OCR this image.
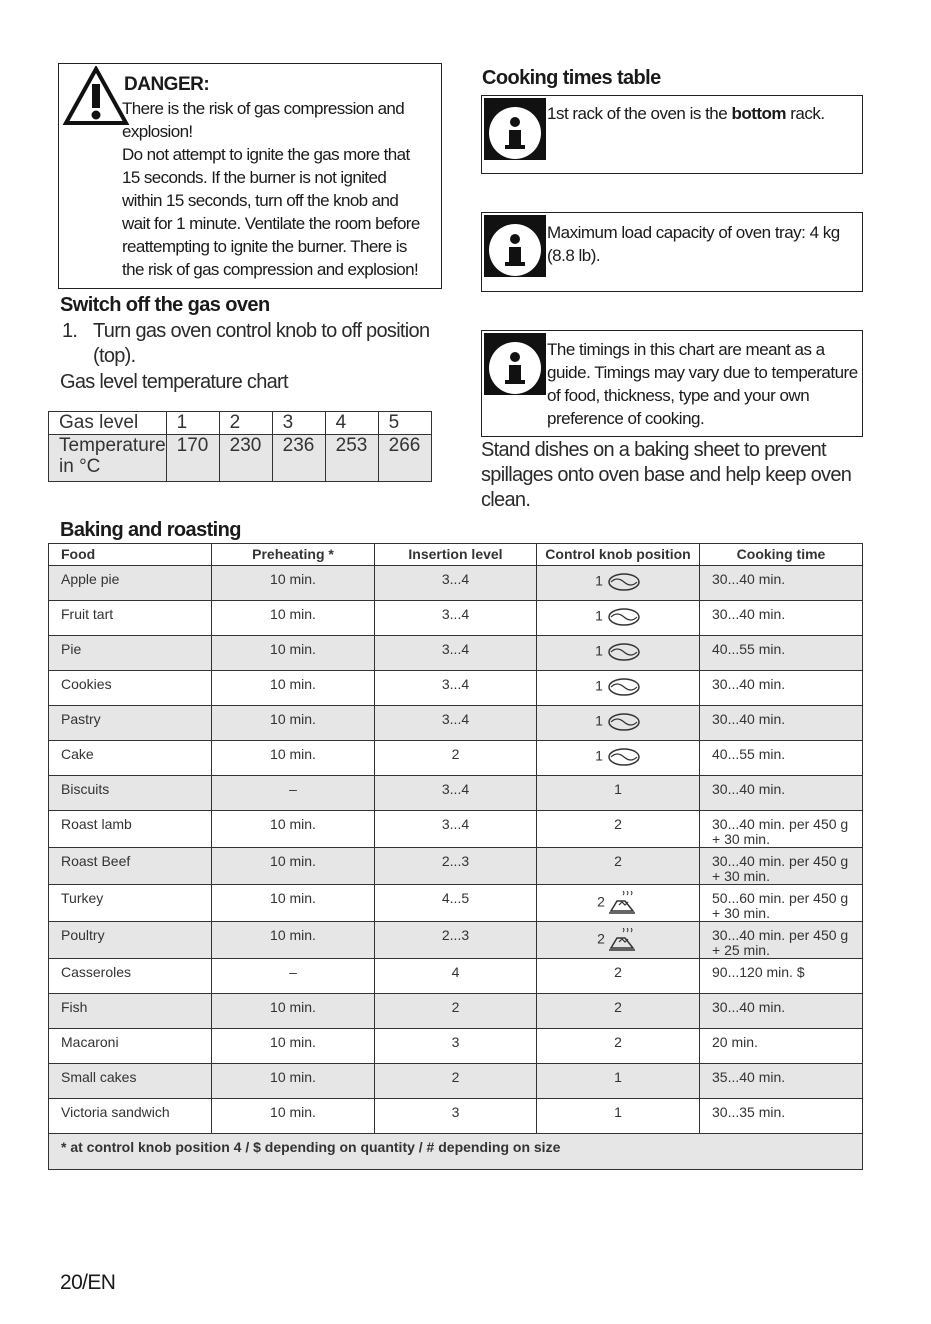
DANGER:
There is the risk of gas compression and
explosion!
Do not attempt to ignite the gas more that
15 seconds. If the burner is not ignited
within 15 seconds, turn off the knob and
wait for 1 minute. Ventilate the room before
reattempting to ignite the burner. There is
the risk of gas compression and explosion!
Switch off the gas oven
1. Turn gas oven control knob to off position
(top).
Gas level temperature chart
Gas level	1	2	3	4	5
Temperature
in °C	170	230	236	253	266
Cooking times table
1st rack of the oven is the bottom rack.
Maximum load capacity of oven tray: 4 kg
(8.8 lb).
The timings in this chart are meant as a
guide. Timings may vary due to temperature
of food, thickness, type and your own
preference of cooking.
Stand dishes on a baking sheet to prevent
spillages onto oven base and help keep oven
clean.
Baking and roasting
Food	Preheating *	Insertion level	Control knob position	Cooking time
Apple pie	10 min.	3...4	1	30...40 min.
Fruit tart	10 min.	3...4	1	30...40 min.
Pie	10 min.	3...4	1	40...55 min.
Cookies	10 min.	3...4	1	30...40 min.
Pastry	10 min.	3...4	1	30...40 min.
Cake	10 min.	2	1	40...55 min.
Biscuits	–	3...4	1	30...40 min.
Roast lamb	10 min.	3...4	2	30...40 min. per 450 g
+ 30 min.
Roast Beef	10 min.	2...3	2	30...40 min. per 450 g
+ 30 min.
Turkey	10 min.	4...5	2	50...60 min. per 450 g
+ 30 min.
Poultry	10 min.	2...3	2	30...40 min. per 450 g
+ 25 min.
Casseroles	–	4	2	90...120 min. $
Fish	10 min.	2	2	30...40 min.
Macaroni	10 min.	3	2	20 min.
Small cakes	10 min.	2	1	35...40 min.
Victoria sandwich	10 min.	3	1	30...35 min.
* at control knob position 4 / $ depending on quantity / # depending on size				
20/EN
